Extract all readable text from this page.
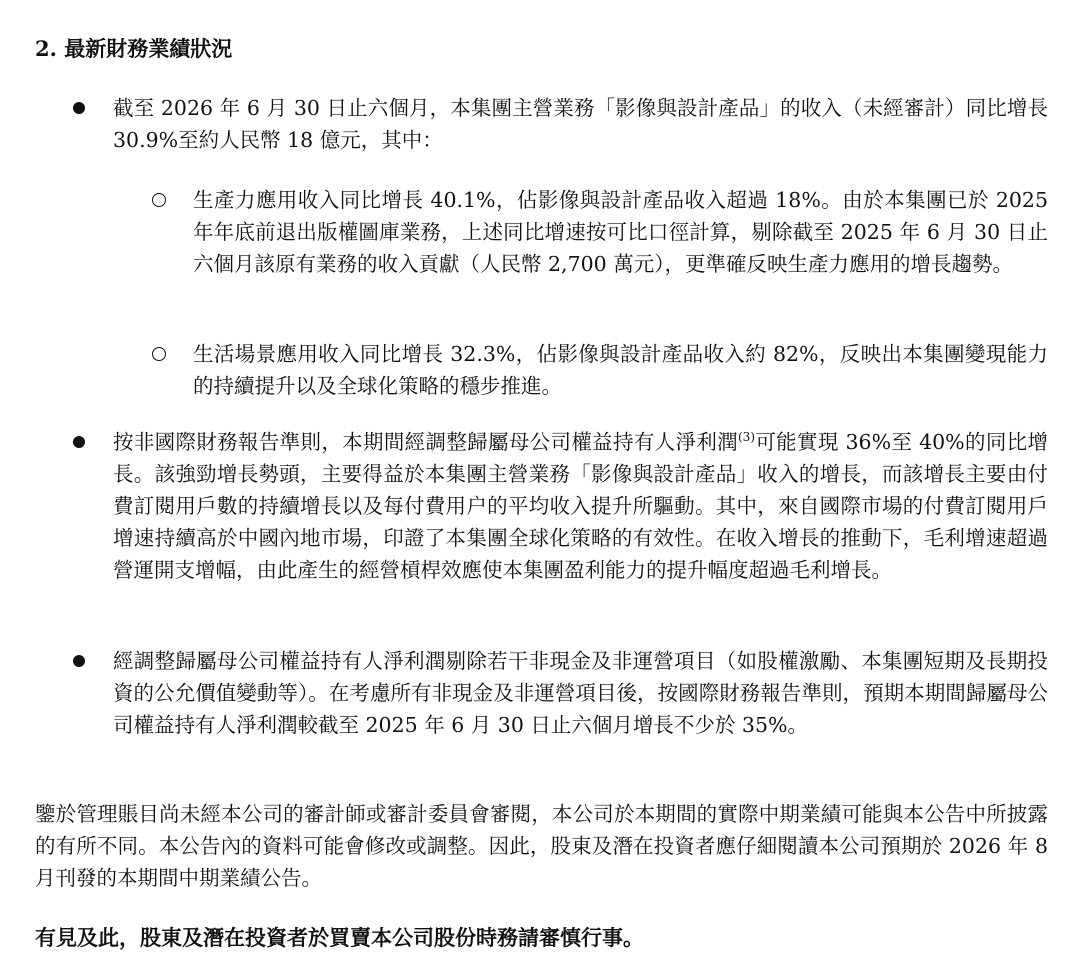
2. 最新財務業績狀況
截至 2026 年 6 月 30 日止六個月，本集團主營業務「影像與設計產品」的收入（未經審計）同比增長 30.9%至約人民幣 18 億元，其中：
生產力應用收入同比增長 40.1%，佔影像與設計產品收入超過 18%。由於本集團已於 2025 年年底前退出版權圖庫業務，上述同比增速按可比口徑計算，剔除截至 2025 年 6 月 30 日止六個月該原有業務的收入貢獻（人民幣 2,700 萬元），更準確反映生產力應用的增長趨勢。
生活場景應用收入同比增長 32.3%，佔影像與設計產品收入約 82%，反映出本集團變現能力的持續提升以及全球化策略的穩步推進。
按非國際財務報告準則，本期間經調整歸屬母公司權益持有人淨利潤$^{(3)}$可能實現 36%至 40%的同比增長。該強勁增長勢頭，主要得益於本集團主營業務「影像與設計產品」收入的增長，而該增長主要由付費訂閱用戶數的持續增長以及每付費用户的平均收入提升所驅動。其中，來自國際市場的付費訂閱用戶增速持續高於中國內地市場，印證了本集團全球化策略的有效性。在收入增長的推動下，毛利增速超過營運開支增幅，由此產生的經營槓桿效應使本集團盈利能力的提升幅度超過毛利增長。
經調整歸屬母公司權益持有人淨利潤剔除若干非現金及非運營項目（如股權激勵、本集團短期及長期投資的公允價值變動等）。在考慮所有非現金及非運營項目後，按國際財務報告準則，預期本期間歸屬母公司權益持有人淨利潤較截至 2025 年 6 月 30 日止六個月增長不少於 35%。
鑒於管理賬目尚未經本公司的審計師或審計委員會審閱，本公司於本期間的實際中期業績可能與本公告中所披露的有所不同。本公告內的資料可能會修改或調整。因此，股東及潛在投資者應仔細閱讀本公司預期於 2026 年 8 月刊發的本期間中期業績公告。
有見及此，股東及潛在投資者於買賣本公司股份時務請審慎行事。
